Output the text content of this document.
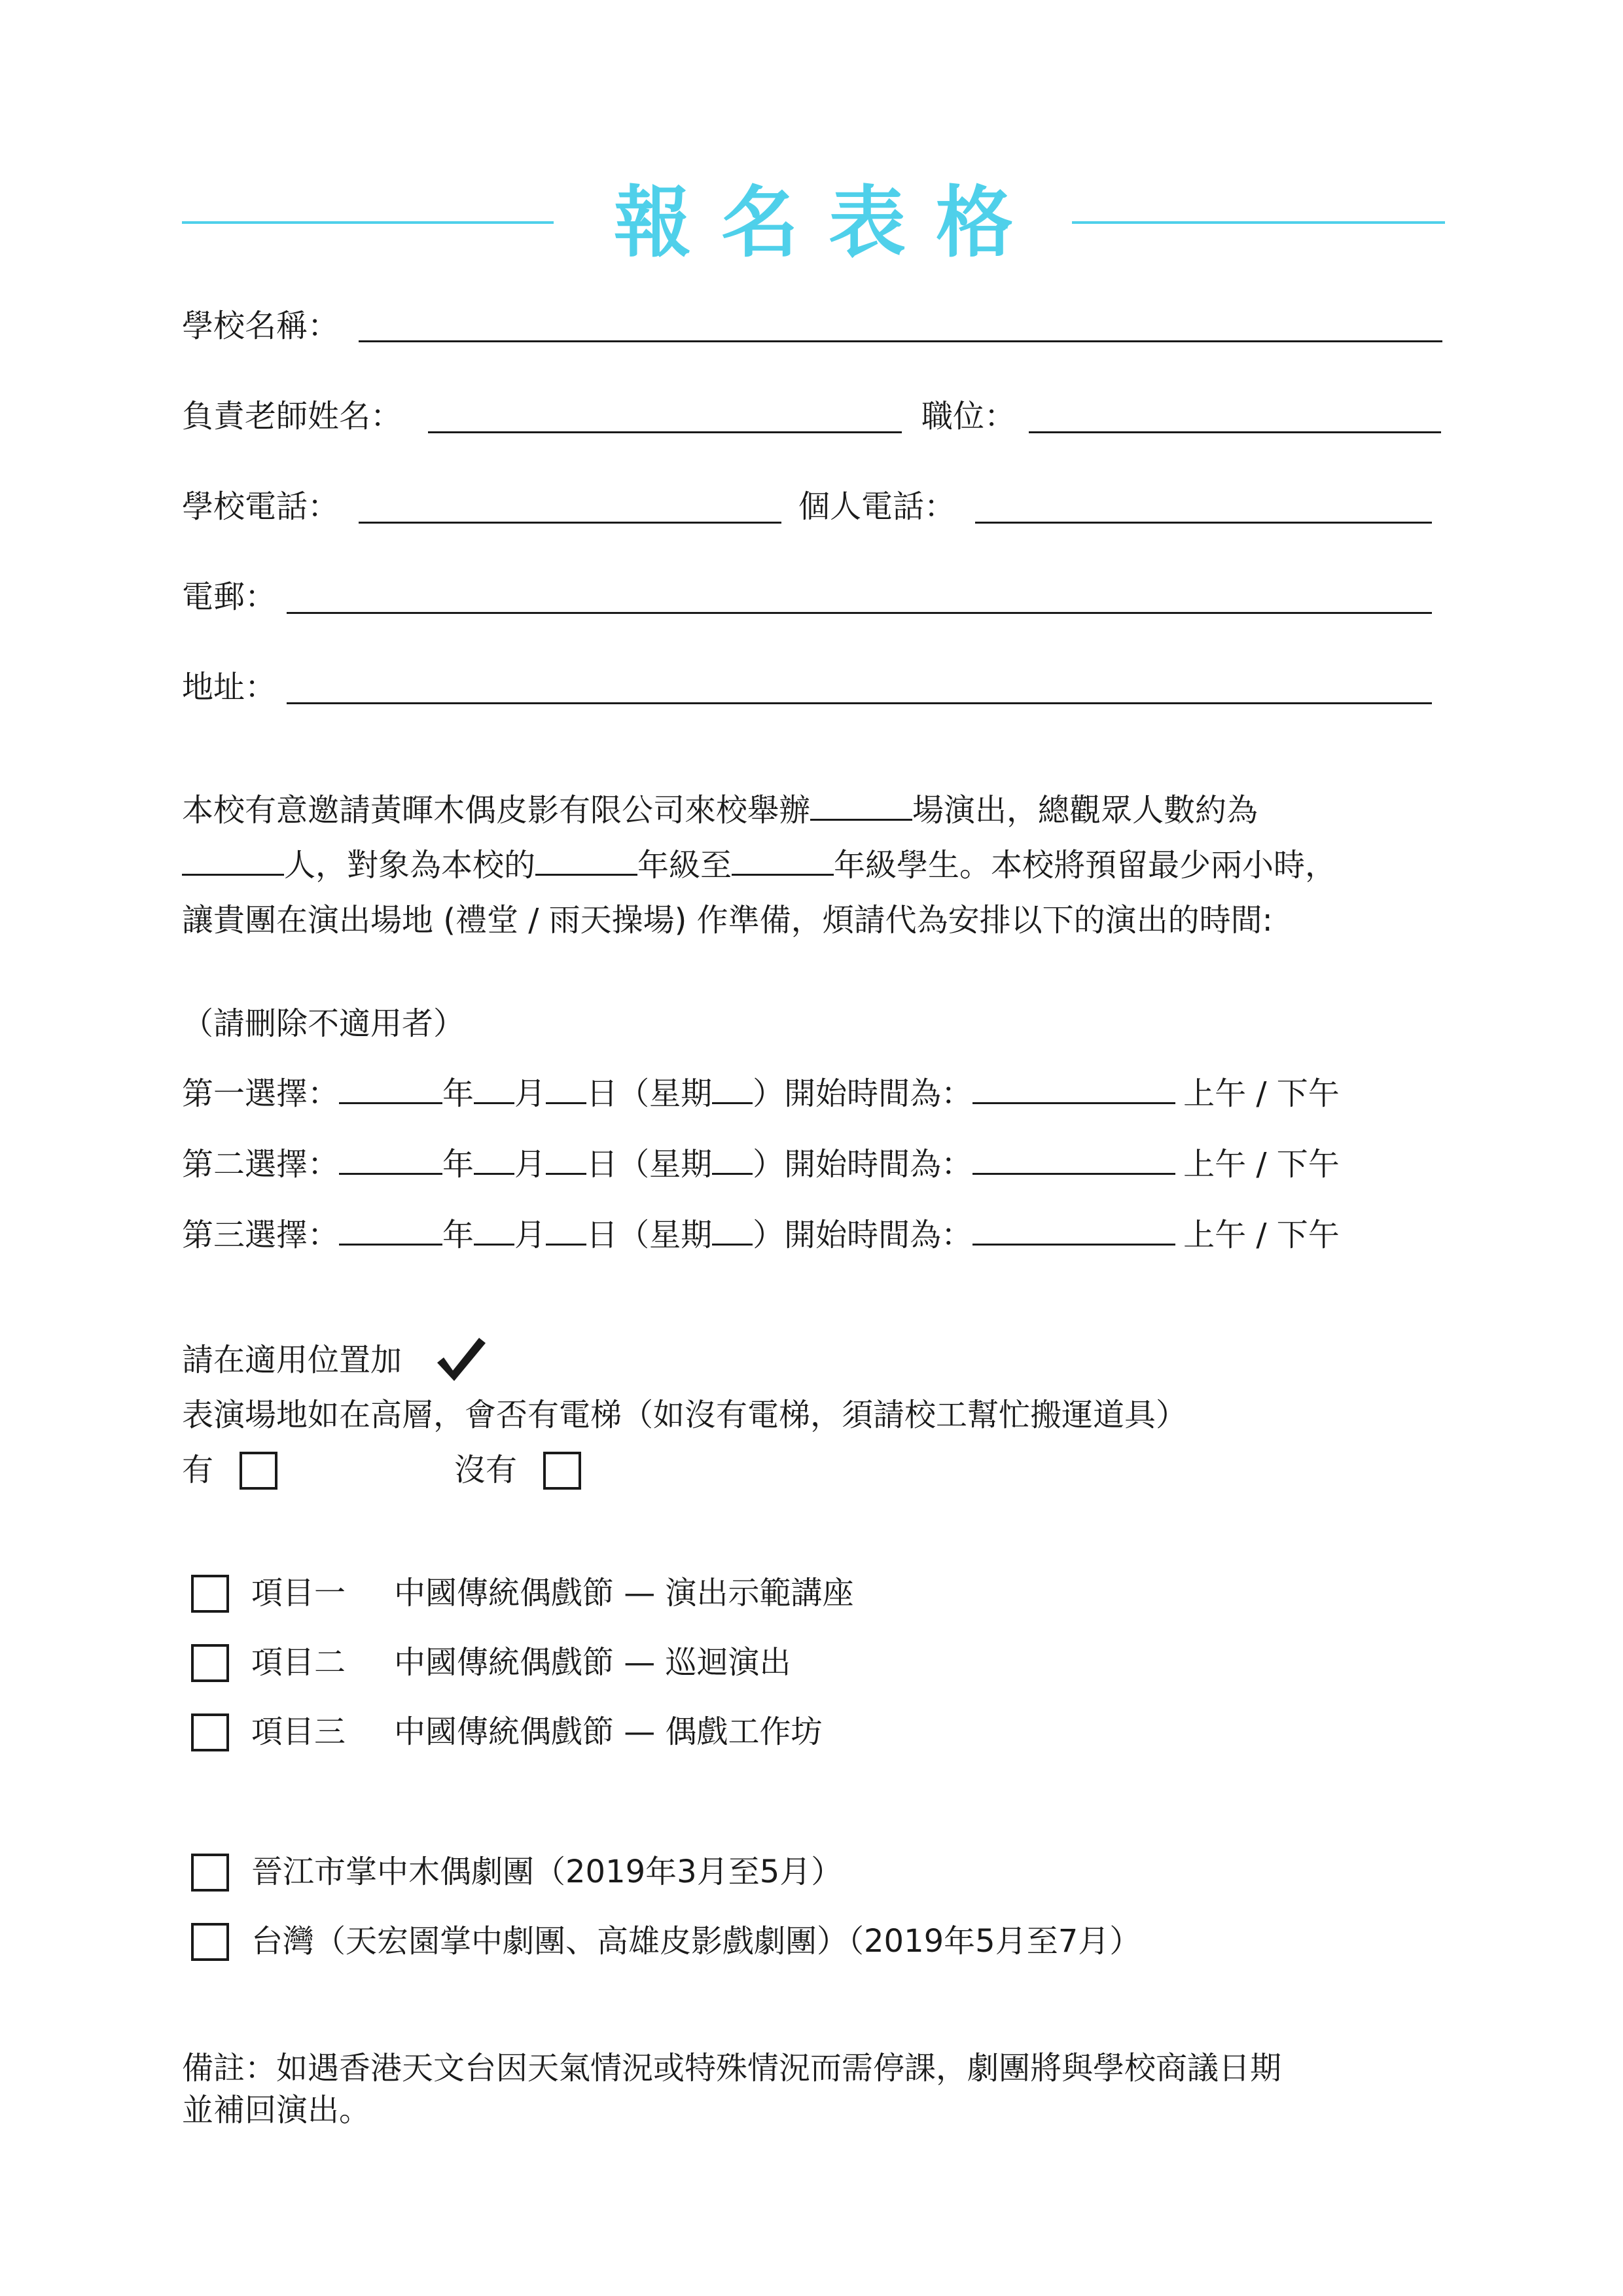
報名表格
學校名稱：
負責老師姓名：	職位：
學校電話：	個人電話：
電郵：
地址：
本校有意邀請黃暉木偶皮影有限公司來校舉辦	場演出，總觀眾人數約為
人，對象為本校的	年級至	年級學生。本校將預留最少兩小時，
讓貴團在演出場地 (禮堂 / 雨天操場) 作準備，煩請代為安排以下的演出的時間:
（請刪除不適用者）
第一選擇：	年 月 日（星期 ）開始時間為：	上午 / 下午
第二選擇：	年 月 日（星期 ）開始時間為：	上午 / 下午
第三選擇：	年 月 日（星期 ）開始時間為：	上午 / 下午
請在適用位置加
表演場地如在高層，會否有電梯（如沒有電梯，須請校工幫忙搬運道具）
有	沒有
項目一 中國傳統偶戲節 — 演出示範講座
項目二 中國傳統偶戲節 — 巡迴演出
項目三 中國傳統偶戲節 — 偶戲工作坊
晉江市掌中木偶劇團（2019年3月至5月）
台灣（天宏園掌中劇團、高雄皮影戲劇團）（2019年5月至7月）
備註：如遇香港天文台因天氣情況或特殊情況而需停課，劇團將與學校商議日期
並補回演出。
